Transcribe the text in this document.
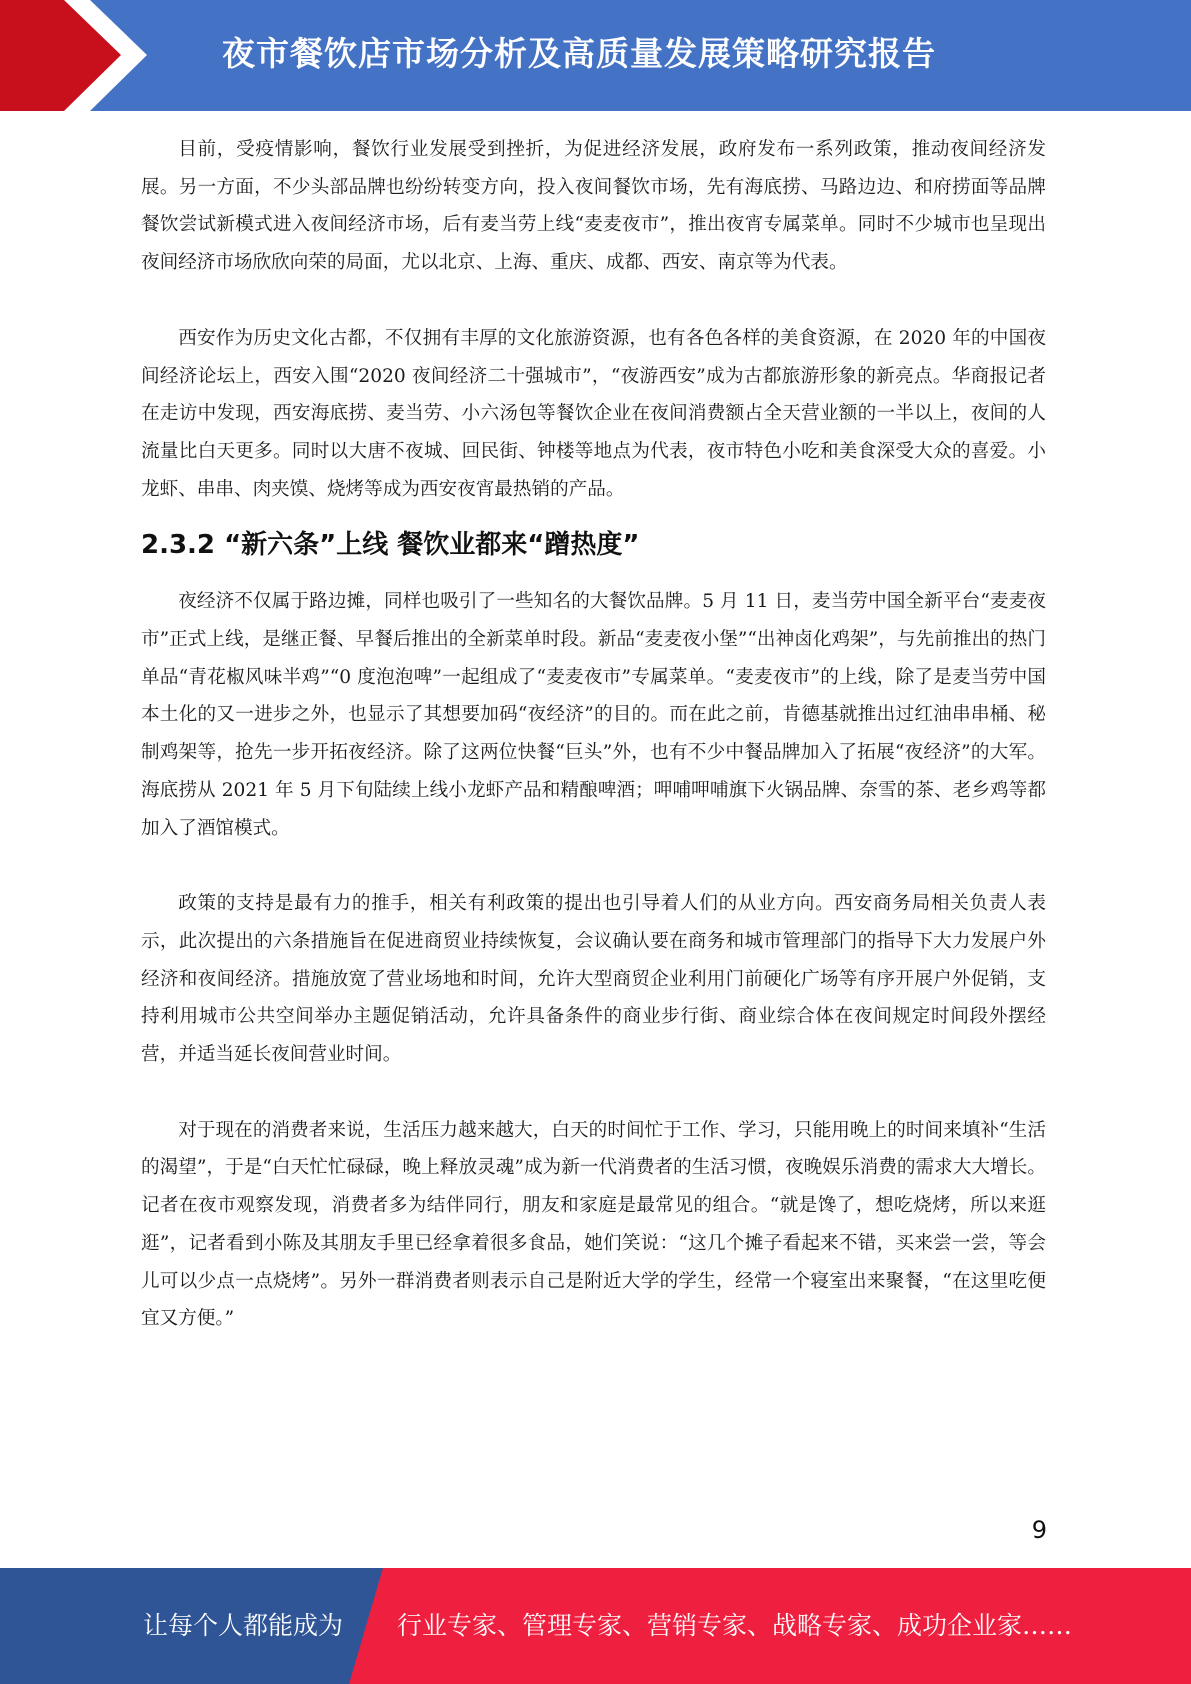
夜市餐饮店市场分析及高质量发展策略研究报告

目前，受疫情影响，餐饮行业发展受到挫折，为促进经济发展，政府发布一系列政策，推动夜间经济发展。另一方面，不少头部品牌也纷纷转变方向，投入夜间餐饮市场，先有海底捞、马路边边、和府捞面等品牌餐饮尝试新模式进入夜间经济市场，后有麦当劳上线“麦麦夜市”，推出夜宵专属菜单。同时不少城市也呈现出夜间经济市场欣欣向荣的局面，尤以北京、上海、重庆、成都、西安、南京等为代表。

西安作为历史文化古都，不仅拥有丰厚的文化旅游资源，也有各色各样的美食资源，在 2020 年的中国夜间经济论坛上，西安入围“2020 夜间经济二十强城市”，“夜游西安”成为古都旅游形象的新亮点。华商报记者在走访中发现，西安海底捞、麦当劳、小六汤包等餐饮企业在夜间消费额占全天营业额的一半以上，夜间的人流量比白天更多。同时以大唐不夜城、回民街、钟楼等地点为代表，夜市特色小吃和美食深受大众的喜爱。小龙虾、串串、肉夹馍、烧烤等成为西安夜宵最热销的产品。

2.3.2 “新六条”上线 餐饮业都来“蹭热度”

夜经济不仅属于路边摊，同样也吸引了一些知名的大餐饮品牌。5 月 11 日，麦当劳中国全新平台“麦麦夜市”正式上线，是继正餐、早餐后推出的全新菜单时段。新品“麦麦夜小堡”“出神卤化鸡架”，与先前推出的热门单品“青花椒风味半鸡”“0 度泡泡啤”一起组成了“麦麦夜市”专属菜单。“麦麦夜市”的上线，除了是麦当劳中国本土化的又一进步之外，也显示了其想要加码“夜经济”的目的。而在此之前，肯德基就推出过红油串串桶、秘制鸡架等，抢先一步开拓夜经济。除了这两位快餐“巨头”外，也有不少中餐品牌加入了拓展“夜经济”的大军。海底捞从 2021 年 5 月下旬陆续上线小龙虾产品和精酿啤酒；呷哺呷哺旗下火锅品牌、奈雪的茶、老乡鸡等都加入了酒馆模式。

政策的支持是最有力的推手，相关有利政策的提出也引导着人们的从业方向。西安商务局相关负责人表示，此次提出的六条措施旨在促进商贸业持续恢复，会议确认要在商务和城市管理部门的指导下大力发展户外经济和夜间经济。措施放宽了营业场地和时间，允许大型商贸企业利用门前硬化广场等有序开展户外促销，支持利用城市公共空间举办主题促销活动，允许具备条件的商业步行街、商业综合体在夜间规定时间段外摆经营，并适当延长夜间营业时间。

对于现在的消费者来说，生活压力越来越大，白天的时间忙于工作、学习，只能用晚上的时间来填补“生活的渴望”，于是“白天忙忙碌碌，晚上释放灵魂”成为新一代消费者的生活习惯，夜晚娱乐消费的需求大大增长。记者在夜市观察发现，消费者多为结伴同行，朋友和家庭是最常见的组合。“就是馋了，想吃烧烤，所以来逛逛”，记者看到小陈及其朋友手里已经拿着很多食品，她们笑说：“这几个摊子看起来不错，买来尝一尝，等会儿可以少点一点烧烤”。另外一群消费者则表示自己是附近大学的学生，经常一个寝室出来聚餐，“在这里吃便宜又方便。”

9
让每个人都能成为 行业专家、管理专家、营销专家、战略专家、成功企业家……
